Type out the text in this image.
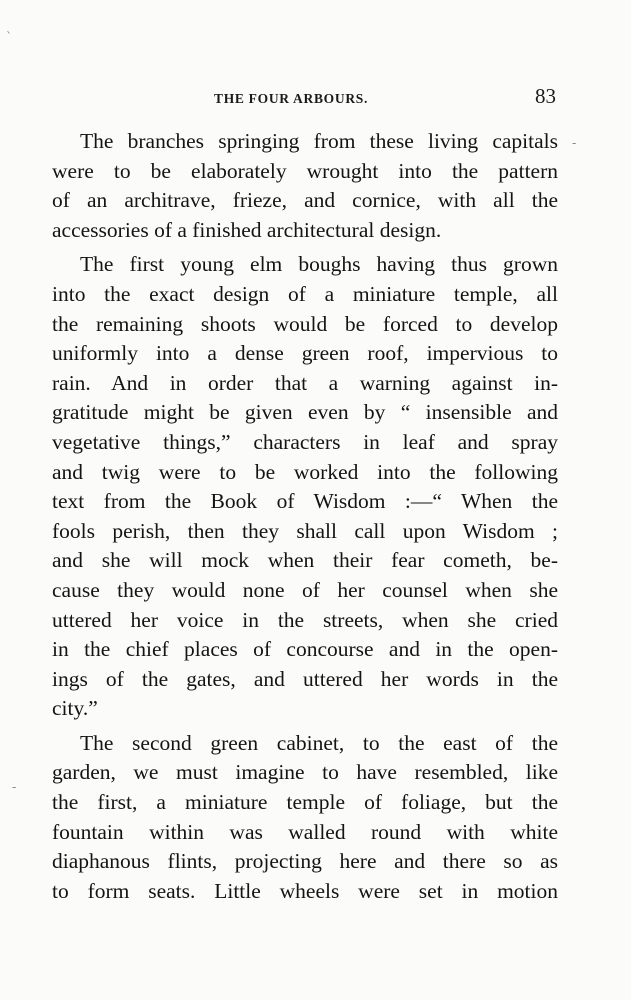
THE FOUR ARBOURS.	83
The branches springing from these living capitals
were to be elaborately wrought into the pattern
of an architrave, frieze, and cornice, with all the
accessories of a finished architectural design.
The first young elm boughs having thus grown
into the exact design of a miniature temple, all
the remaining shoots would be forced to develop
uniformly into a dense green roof, impervious to
rain. And in order that a warning against in-
gratitude might be given even by “ insensible and
vegetative things,” characters in leaf and spray
and twig were to be worked into the following
text from the Book of Wisdom :—“ When the
fools perish, then they shall call upon Wisdom ;
and she will mock when their fear cometh, be-
cause they would none of her counsel when she
uttered her voice in the streets, when she cried
in the chief places of concourse and in the open-
ings of the gates, and uttered her words in the
city.”
The second green cabinet, to the east of the
garden, we must imagine to have resembled, like
the first, a miniature temple of foliage, but the
fountain within was walled round with white
diaphanous flints, projecting here and there so as
to form seats. Little wheels were set in motion
`
-
-
